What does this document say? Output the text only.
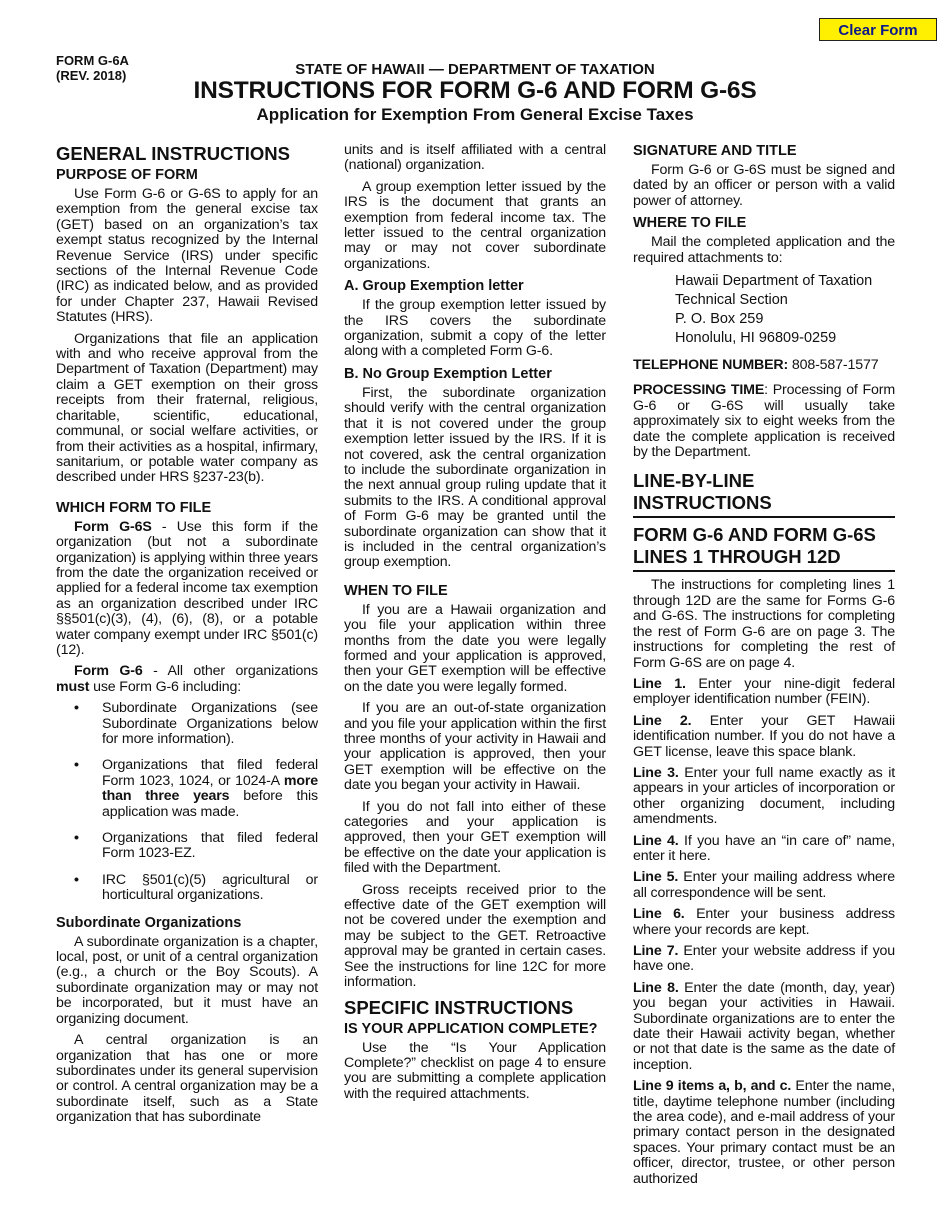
Clear Form
FORM G-6A
(REV. 2018)	STATE OF HAWAII — DEPARTMENT OF TAXATION
INSTRUCTIONS FOR FORM G-6 AND FORM G-6S
Application for Exemption From General Excise Taxes
GENERAL INSTRUCTIONS
PURPOSE OF FORM

Use Form G-6 or G-6S to apply for an exemption from the general excise tax (GET) based on an organization’s tax exempt status recognized by the Internal Revenue Service (IRS) under specific sections of the Internal Revenue Code (IRC) as indicated below, and as provided for under Chapter 237, Hawaii Revised Statutes (HRS).

Organizations that file an application with and who receive approval from the Department of Taxation (Department) may claim a GET exemption on their gross receipts from their fraternal, religious, charitable, scientific, educational, communal, or social welfare activities, or from their activities as a hospital, infirmary, sanitarium, or potable water company as described under HRS §237-23(b).

WHICH FORM TO FILE

Form G-6S - Use this form if the organization (but not a subordinate organization) is applying within three years from the date the organization received or applied for a federal income tax exemption as an organization described under IRC §§501(c)(3), (4), (6), (8), or a potable water company exempt under IRC §501(c)(12).

Form G-6 - All other organizations must use Form G-6 including:

• Subordinate Organizations (see Subordinate Organizations below for more information).
• Organizations that filed federal Form 1023, 1024, or 1024-A more than three years before this application was made.
• Organizations that filed federal Form 1023-EZ.
• IRC §501(c)(5) agricultural or horticultural organizations.
Subordinate Organizations

A subordinate organization is a chapter, local, post, or unit of a central organization (e.g., a church or the Boy Scouts). A subordinate organization may or may not be incorporated, but it must have an organizing document.

A central organization is an organization that has one or more subordinates under its general supervision or control. A central organization may be a subordinate itself, such as a State organization that has subordinate

units and is itself affiliated with a central (national) organization.

A group exemption letter issued by the IRS is the document that grants an exemption from federal income tax. The letter issued to the central organization may or may not cover subordinate organizations.

A. Group Exemption letter

If the group exemption letter issued by the IRS covers the subordinate organization, submit a copy of the letter along with a completed Form G-6.

B. No Group Exemption Letter

First, the subordinate organization should verify with the central organization that it is not covered under the group exemption letter issued by the IRS. If it is not covered, ask the central organization to include the subordinate organization in the next annual group ruling update that it submits to the IRS. A conditional approval of Form G-6 may be granted until the subordinate organization can show that it is included in the central organization’s group exemption.

WHEN TO FILE

If you are a Hawaii organization and you file your application within three months from the date you were legally formed and your application is approved, then your GET exemption will be effective on the date you were legally formed.

If you are an out-of-state organization and you file your application within the first three months of your activity in Hawaii and your application is approved, then your GET exemption will be effective on the date you began your activity in Hawaii.

If you do not fall into either of these categories and your application is approved, then your GET exemption will be effective on the date your application is filed with the Department.

Gross receipts received prior to the effective date of the GET exemption will not be covered under the exemption and may be subject to the GET. Retroactive approval may be granted in certain cases. See the instructions for line 12C for more information.

SPECIFIC INSTRUCTIONS
IS YOUR APPLICATION COMPLETE?

Use the “Is Your Application Complete?” checklist on page 4 to ensure you are submitting a complete application with the required attachments.

SIGNATURE AND TITLE

Form G-6 or G-6S must be signed and dated by an officer or person with a valid power of attorney.

WHERE TO FILE

Mail the completed application and the required attachments to:

Hawaii Department of Taxation
Technical Section
P. O. Box 259
Honolulu, HI 96809-0259

TELEPHONE NUMBER: 808-587-1577

PROCESSING TIME: Processing of Form G-6 or G-6S will usually take approximately six to eight weeks from the date the complete application is received by the Department.

LINE-BY-LINE INSTRUCTIONS
FORM G-6 AND FORM G-6S LINES 1 THROUGH 12D

The instructions for completing lines 1 through 12D are the same for Forms G-6 and G-6S. The instructions for completing the rest of Form G-6 are on page 3. The instructions for completing the rest of Form G-6S are on page 4.

Line 1. Enter your nine-digit federal employer identification number (FEIN).

Line 2. Enter your GET Hawaii identification number. If you do not have a GET license, leave this space blank.

Line 3. Enter your full name exactly as it appears in your articles of incorporation or other organizing document, including amendments.

Line 4. If you have an “in care of” name, enter it here.

Line 5. Enter your mailing address where all correspondence will be sent.

Line 6. Enter your business address where your records are kept.

Line 7. Enter your website address if you have one.

Line 8. Enter the date (month, day, year) you began your activities in Hawaii. Subordinate organizations are to enter the date their Hawaii activity began, whether or not that date is the same as the date of inception.

Line 9 items a, b, and c. Enter the name, title, daytime telephone number (including the area code), and e-mail address of your primary contact person in the designated spaces. Your primary contact must be an officer, director, trustee, or other person authorized
